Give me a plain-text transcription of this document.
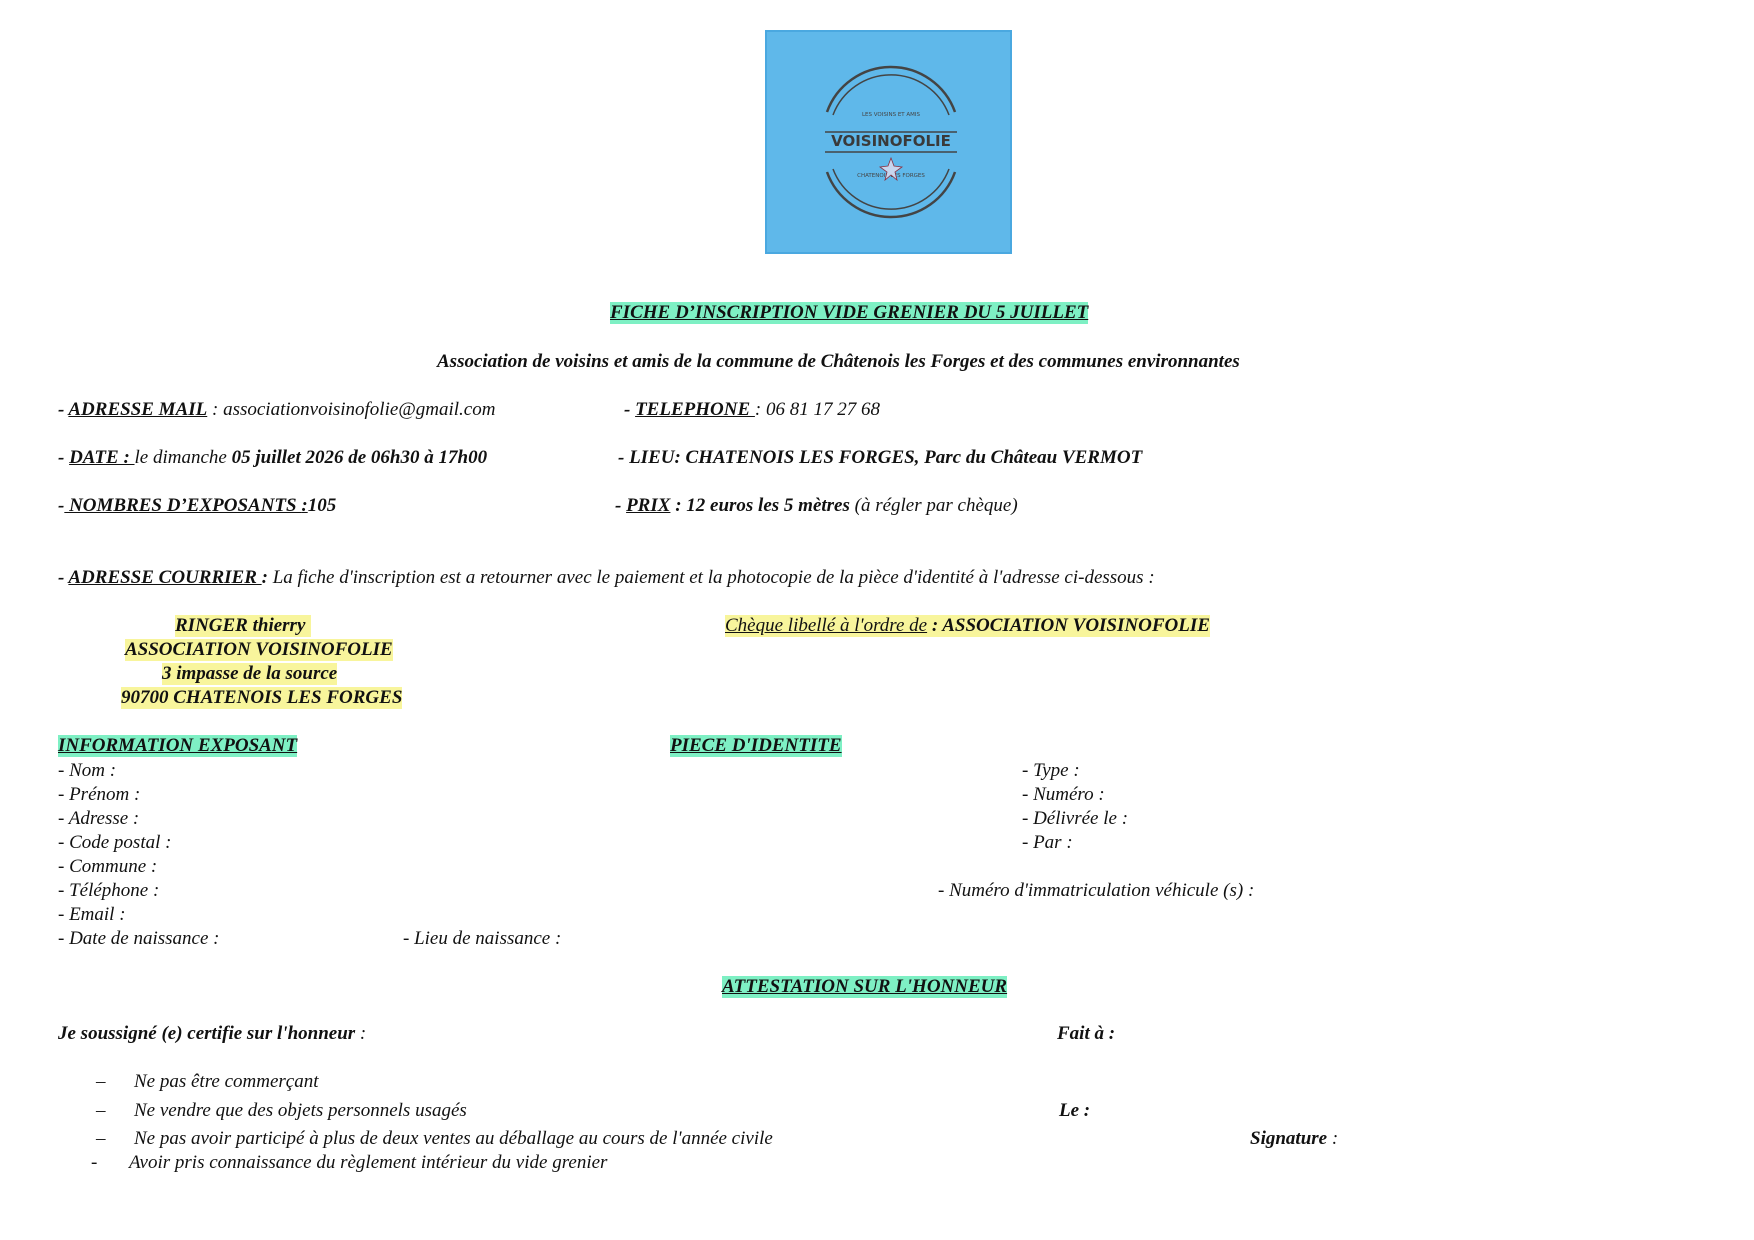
VOISINOFOLIE
LES VOISINS ET AMIS
CHATENOIS LES FORGES
FICHE D’INSCRIPTION VIDE GRENIER DU 5 JUILLET
Association de voisins et amis de la commune de Châtenois les Forges et des communes environnantes
- ADRESSE MAIL : associationvoisinofolie@gmail.com	- TELEPHONE : 06 81 17 27 68
- DATE : le dimanche 05 juillet 2026 de 06h30 à 17h00	- LIEU: CHATENOIS LES FORGES, Parc du Château VERMOT
- NOMBRES D’EXPOSANTS :105	- PRIX : 12 euros les 5 mètres (à régler par chèque)
- ADRESSE COURRIER : La fiche d'inscription est a retourner avec le paiement et la photocopie de la pièce d'identité à l'adresse ci-dessous :
RINGER thierry
ASSOCIATION VOISINOFOLIE
3 impasse de la source
90700 CHATENOIS LES FORGES
Chèque libellé à l'ordre de : ASSOCIATION VOISINOFOLIE
INFORMATION EXPOSANT	PIECE D'IDENTITE
- Nom :
- Prénom :
- Adresse :
- Code postal :
- Commune :
- Téléphone :
- Email :
- Date de naissance :	- Lieu de naissance :
- Type :
- Numéro :
- Délivrée le :
- Par :
- Numéro d'immatriculation véhicule (s) :
ATTESTATION SUR L'HONNEUR
Je soussigné (e) certifie sur l'honneur :	Fait à :
– Ne pas être commerçant
– Ne vendre que des objets personnels usagés	Le :
– Ne pas avoir participé à plus de deux ventes au déballage au cours de l'année civile	Signature :
- Avoir pris connaissance du règlement intérieur du vide grenier
